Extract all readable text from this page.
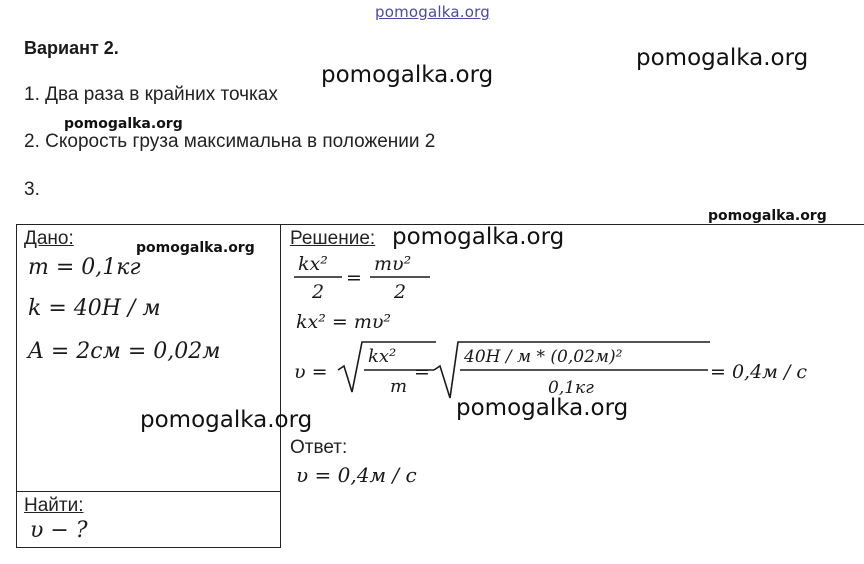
pomogalka.org
Вариант 2.
1. Два раза в крайних точках
2. Скорость груза максимальна в положении 2
3.
pomogalka.org
pomogalka.org
pomogalka.org
pomogalka.org
pomogalka.org
Дано:
m = 0,1кг
k = 40Н / м
A = 2см = 0,02м
Найти:
υ − ?
Решение: pomogalka.org
kx²
2
=
mυ²
2
kx² = mυ²
υ =
kx²
m
=
40Н / м * (0,02м)²
0,1кг
= 0,4м / с
pomogalka.org
pomogalka.org
Ответ:
υ = 0,4м / с
